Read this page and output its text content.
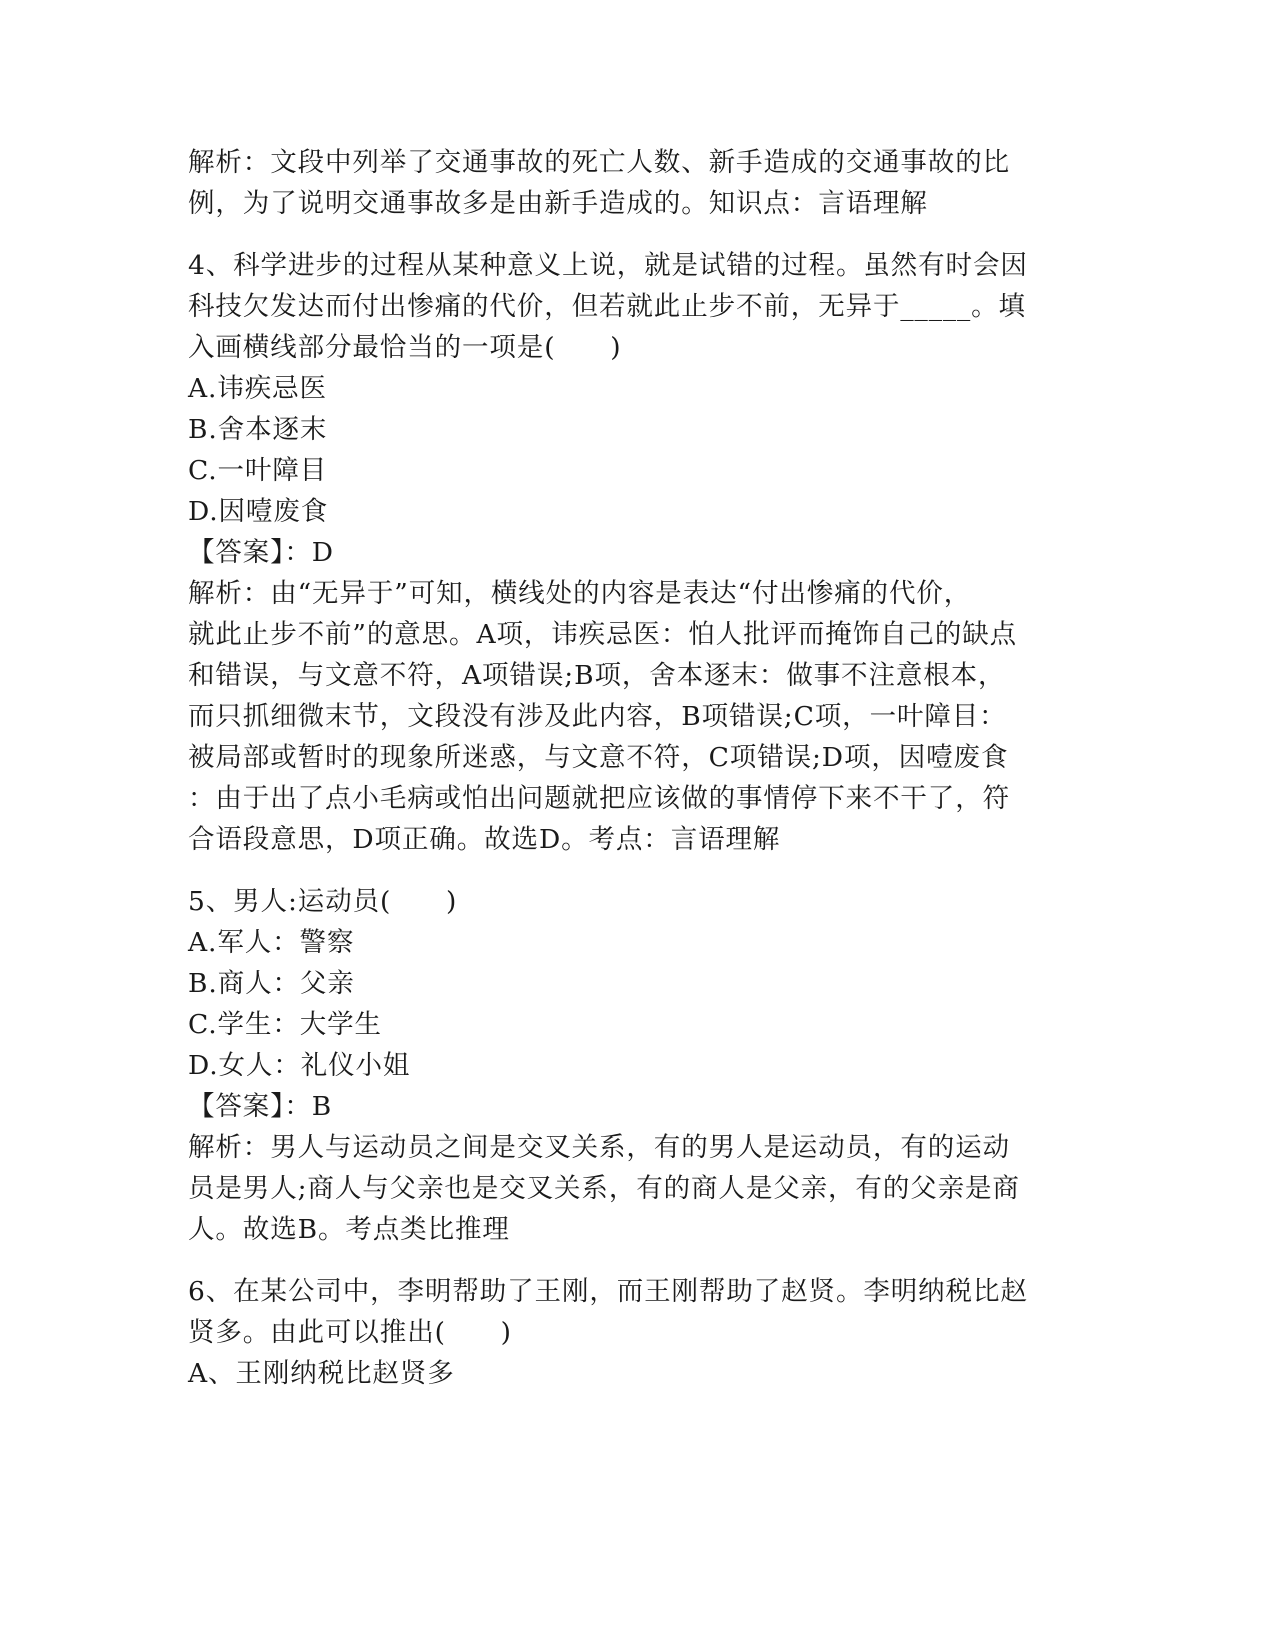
解析：文段中列举了交通事故的死亡人数、新手造成的交通事故的比
例，为了说明交通事故多是由新手造成的。知识点：言语理解
4、科学进步的过程从某种意义上说，就是试错的过程。虽然有时会因
科技欠发达而付出惨痛的代价，但若就此止步不前，无异于_____。填
入画横线部分最恰当的一项是(　　)
A.讳疾忌医
B.舍本逐末
C.一叶障目
D.因噎废食
【答案】：D
解析：由“无异于”可知，横线处的内容是表达“付出惨痛的代价，
就此止步不前”的意思。A项，讳疾忌医：怕人批评而掩饰自己的缺点
和错误，与文意不符，A项错误;B项，舍本逐末：做事不注意根本，
而只抓细微末节，文段没有涉及此内容，B项错误;C项，一叶障目：
被局部或暂时的现象所迷惑，与文意不符，C项错误;D项，因噎废食
：由于出了点小毛病或怕出问题就把应该做的事情停下来不干了，符
合语段意思，D项正确。故选D。考点：言语理解
5、男人:运动员(　　)
A.军人：警察
B.商人：父亲
C.学生：大学生
D.女人：礼仪小姐
【答案】：B
解析：男人与运动员之间是交叉关系，有的男人是运动员，有的运动
员是男人;商人与父亲也是交叉关系，有的商人是父亲，有的父亲是商
人。故选B。考点类比推理
6、在某公司中，李明帮助了王刚，而王刚帮助了赵贤。李明纳税比赵
贤多。由此可以推出(　　)
A、王刚纳税比赵贤多
